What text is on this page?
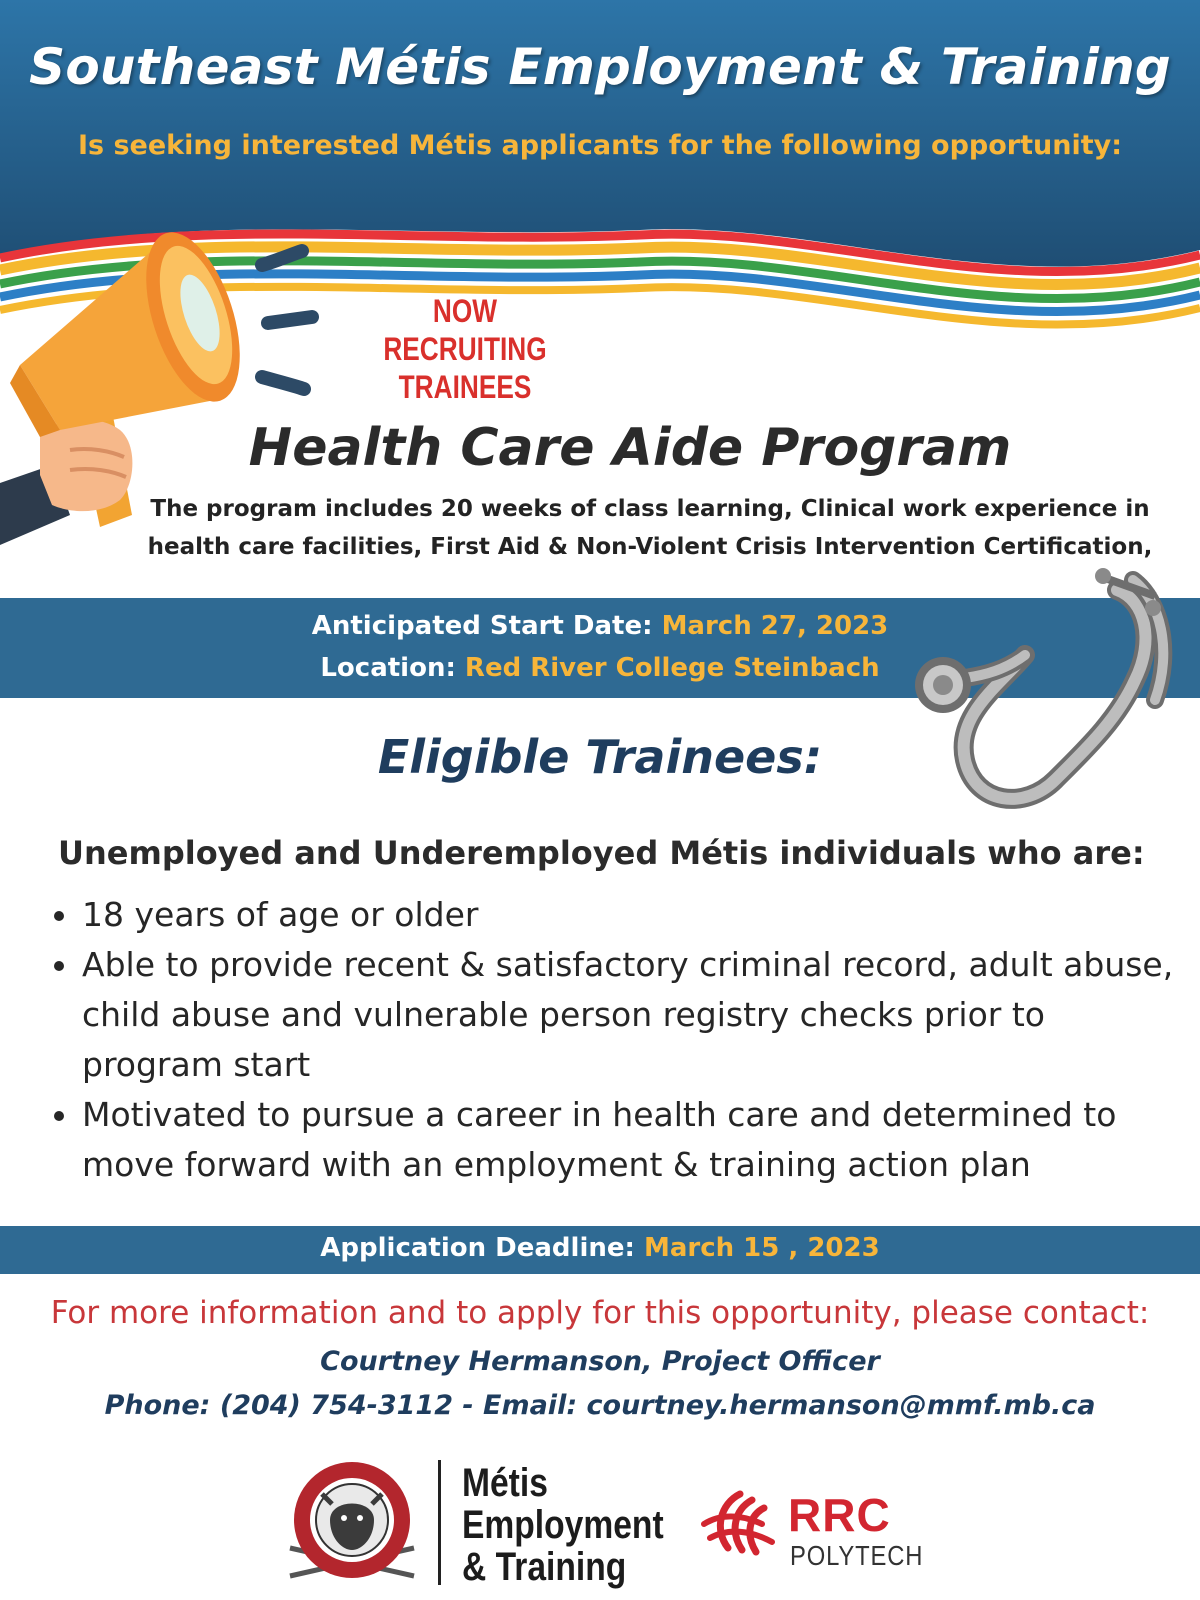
Southeast Métis Employment & Training
Is seeking interested Métis applicants for the following opportunity:
NOW RECRUITING
TRAINEES
Health Care Aide Program
The program includes 20 weeks of class learning, Clinical work experience in health care facilities, First Aid & Non-Violent Crisis Intervention Certification,
Anticipated Start Date: March 27, 2023
Location: Red River College Steinbach
Eligible Trainees:
Unemployed and Underemployed Métis individuals who are:
18 years of age or older
Able to provide recent & satisfactory criminal record, adult abuse, child abuse and vulnerable person registry checks prior to program start
Motivated to pursue a career in health care and determined to move forward with an employment & training action plan
Application Deadline: March 15 , 2023
For more information and to apply for this opportunity, please contact:
Courtney Hermanson, Project Officer
Phone: (204) 754-3112 - Email: courtney.hermanson@mmf.mb.ca
Métis
Employment
& Training
RRC
POLYTECH
